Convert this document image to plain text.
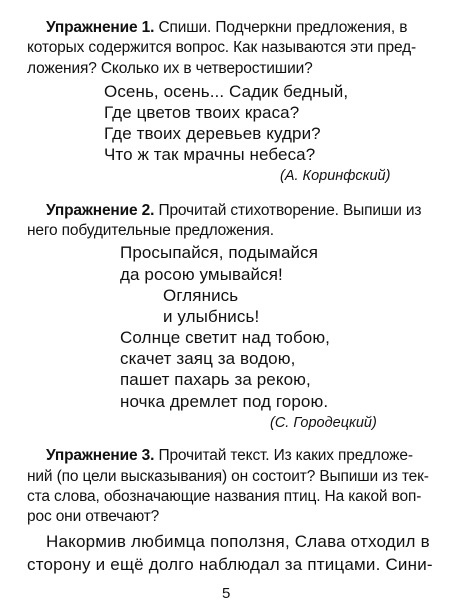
Упражнение 1. Спиши. Подчеркни предложения, в
которых содержится вопрос. Как называются эти пред-
ложения? Сколько их в четверостишии?
Осень, осень... Садик бедный,
Где цветов твоих краса?
Где твоих деревьев кудри?
Что ж так мрачны небеса?
(А. Коринфский)
Упражнение 2. Прочитай стихотворение. Выпиши из
него побудительные предложения.
Просыпайся, подымайся
да росою умывайся!
Оглянись
и улыбнись!
Солнце светит над тобою,
скачет заяц за водою,
пашет пахарь за рекою,
ночка дремлет под горою.
(С. Городецкий)
Упражнение 3. Прочитай текст. Из каких предложе-
ний (по цели высказывания) он состоит? Выпиши из тек-
ста слова, обозначающие названия птиц. На какой воп-
рос они отвечают?
Накормив любимца поползня, Слава отходил в
сторону и ещё долго наблюдал за птицами. Сини-
5
